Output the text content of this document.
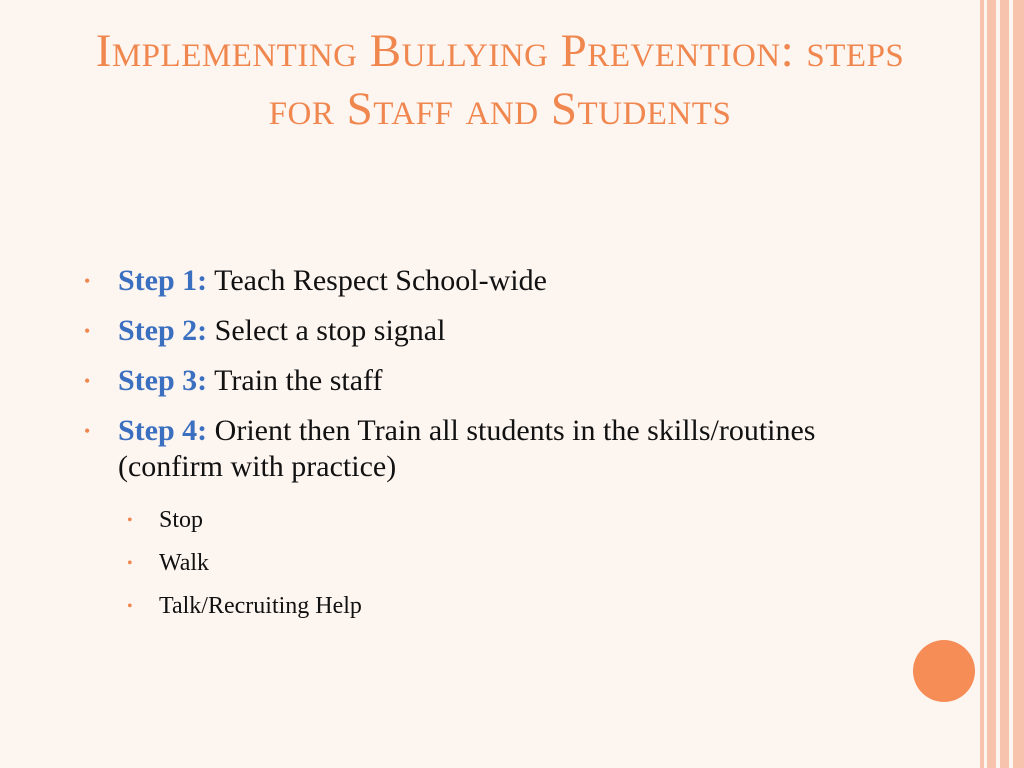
Implementing Bullying Prevention: steps for Staff and Students
• Step 1: Teach Respect School-wide
• Step 2: Select a stop signal
• Step 3: Train the staff
• Step 4: Orient then Train all students in the skills/routines (confirm with practice)
• Stop
• Walk
• Talk/Recruiting Help
